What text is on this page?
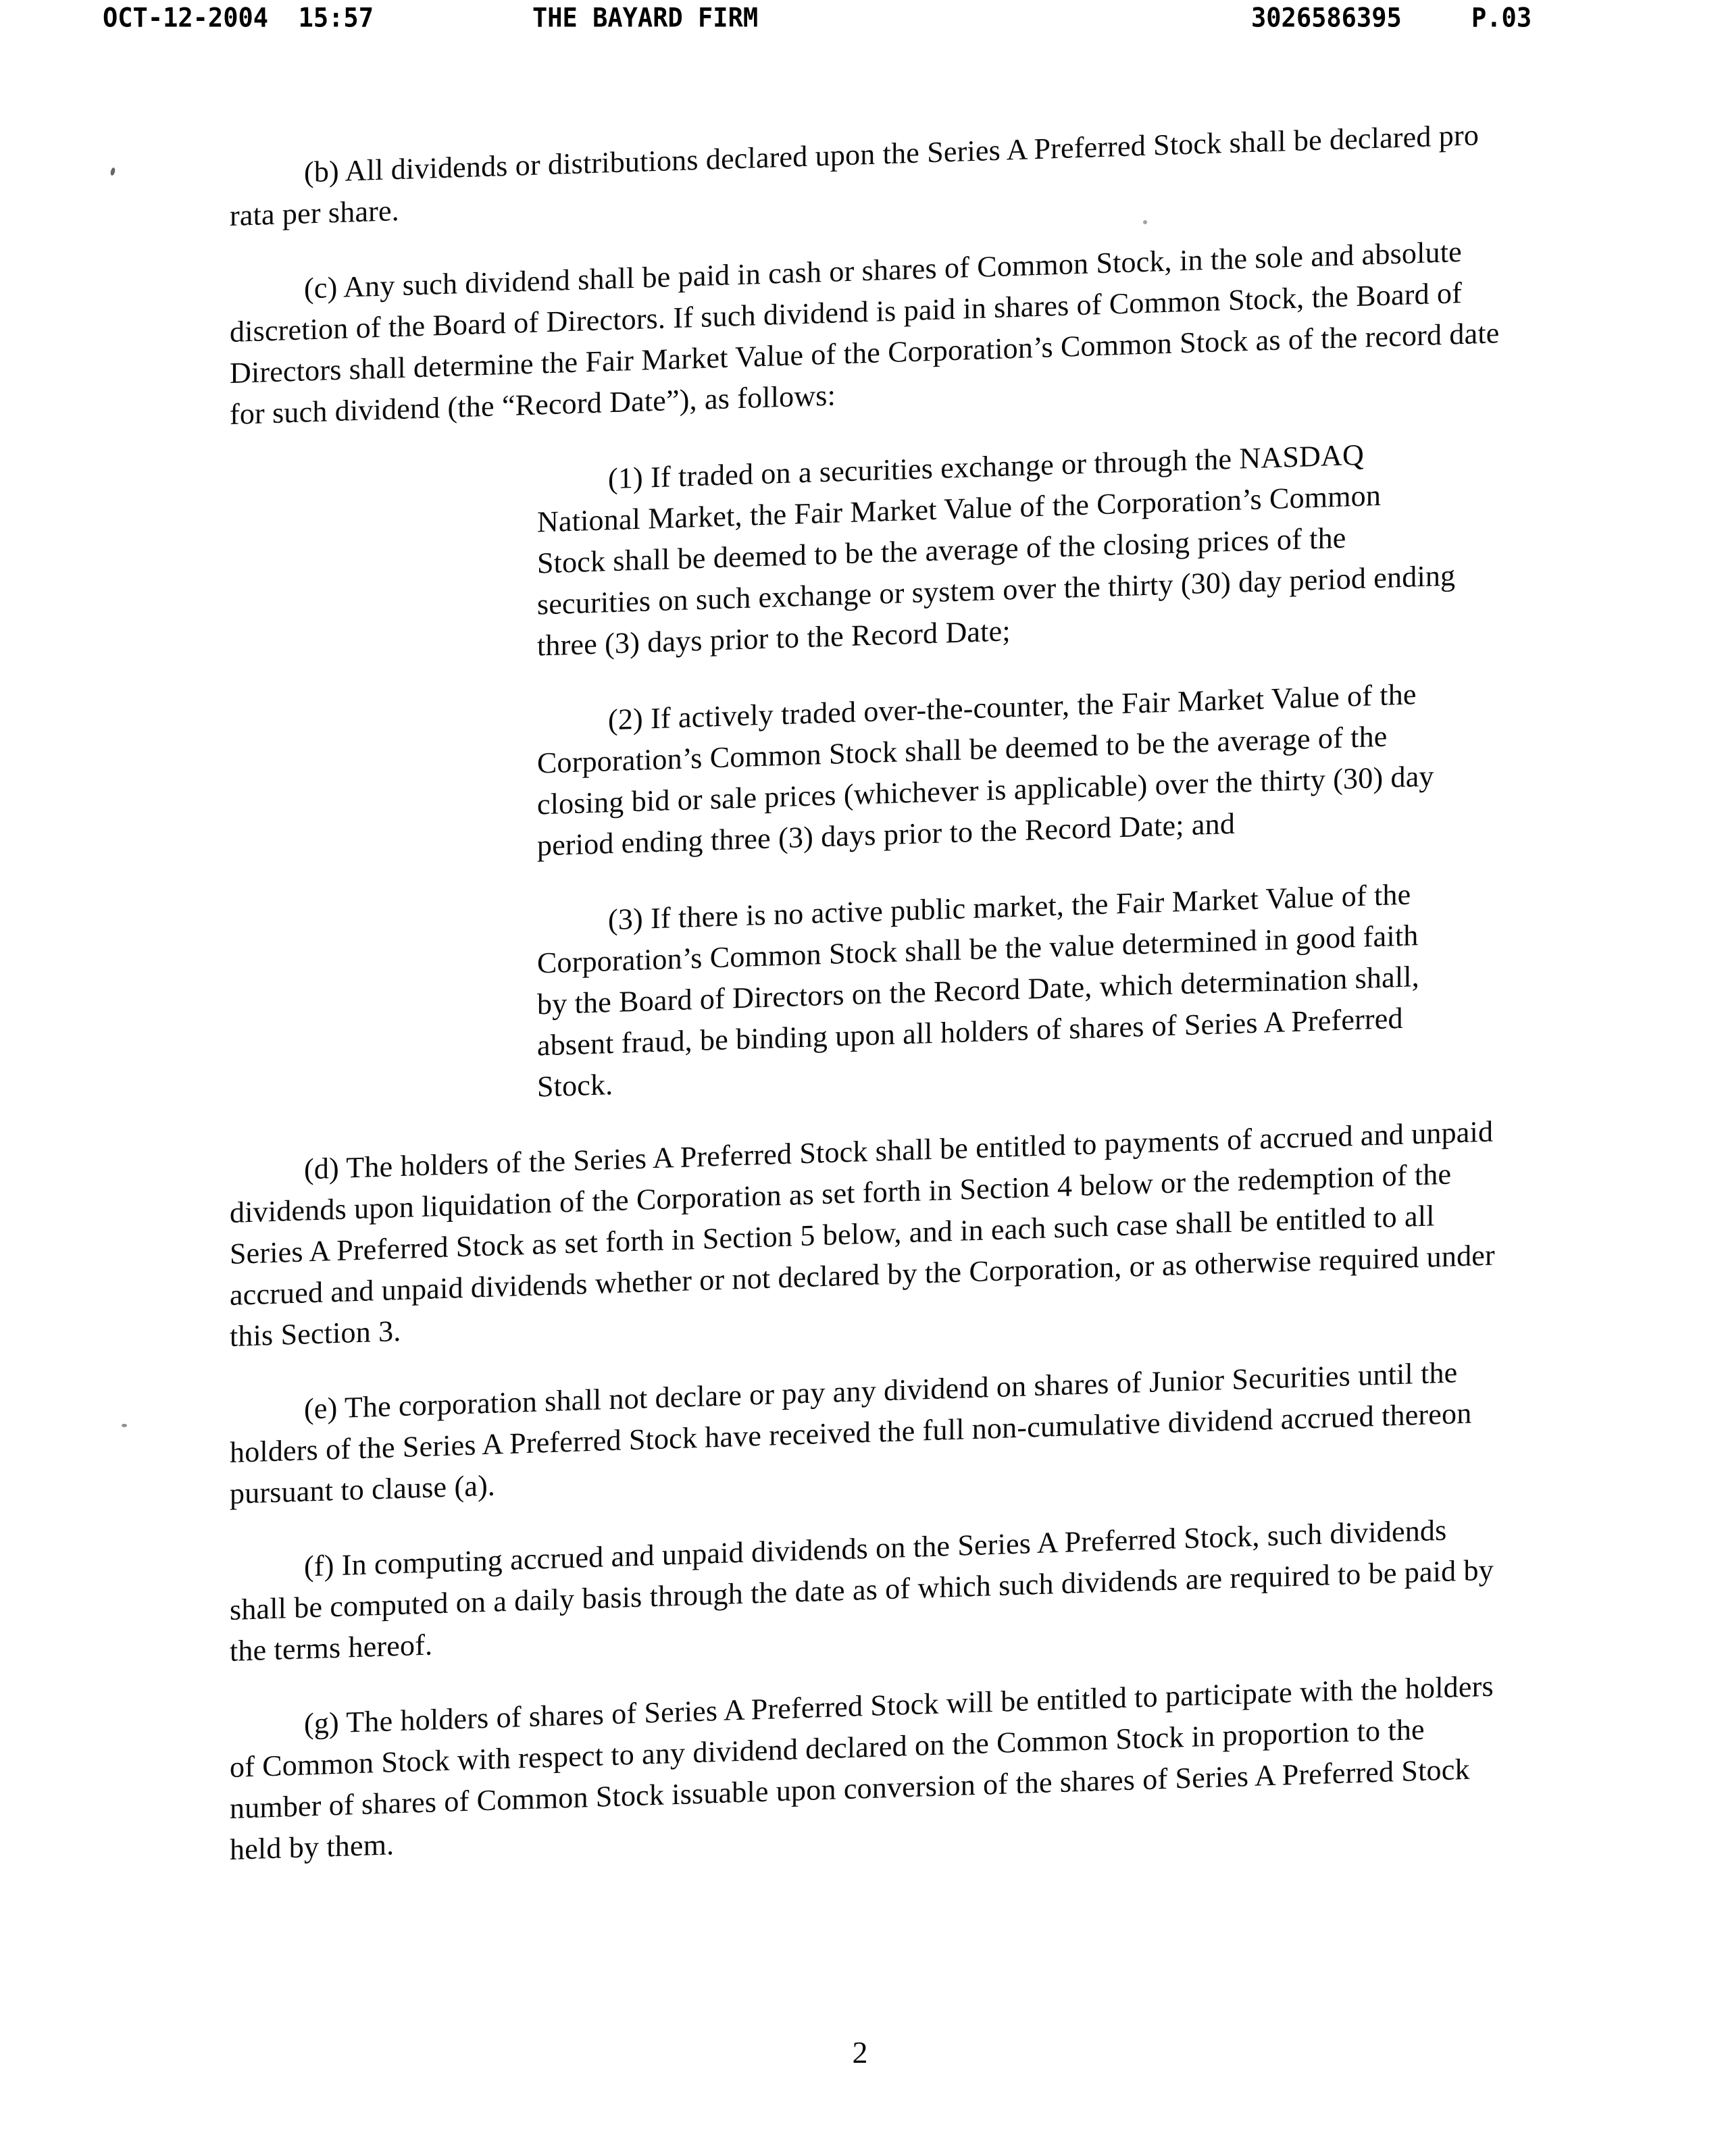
OCT-12-2004  15:57

	THE BAYARD FIRM

	3026586395

	P.03

(b) All dividends or distributions declared upon the Series A Preferred Stock shall be declared pro rata per share.

(c) Any such dividend shall be paid in cash or shares of Common Stock, in the sole and absolute discretion of the Board of Directors. If such dividend is paid in shares of Common Stock, the Board of Directors shall determine the Fair Market Value of the Corporation’s Common Stock as of the record date for such dividend (the “Record Date”), as follows:

(1) If traded on a securities exchange or through the NASDAQ National Market, the Fair Market Value of the Corporation’s Common Stock shall be deemed to be the average of the closing prices of the securities on such exchange or system over the thirty (30) day period ending three (3) days prior to the Record Date;

(2) If actively traded over-the-counter, the Fair Market Value of the Corporation’s Common Stock shall be deemed to be the average of the closing bid or sale prices (whichever is applicable) over the thirty (30) day period ending three (3) days prior to the Record Date; and

(3) If there is no active public market, the Fair Market Value of the Corporation’s Common Stock shall be the value determined in good faith by the Board of Directors on the Record Date, which determination shall, absent fraud, be binding upon all holders of shares of Series A Preferred Stock.

(d) The holders of the Series A Preferred Stock shall be entitled to payments of accrued and unpaid dividends upon liquidation of the Corporation as set forth in Section 4 below or the redemption of the Series A Preferred Stock as set forth in Section 5 below, and in each such case shall be entitled to all accrued and unpaid dividends whether or not declared by the Corporation, or as otherwise required under this Section 3.

(e) The corporation shall not declare or pay any dividend on shares of Junior Securities until the holders of the Series A Preferred Stock have received the full non-cumulative dividend accrued thereon pursuant to clause (a).

(f) In computing accrued and unpaid dividends on the Series A Preferred Stock, such dividends shall be computed on a daily basis through the date as of which such dividends are required to be paid by the terms hereof.

(g) The holders of shares of Series A Preferred Stock will be entitled to participate with the holders of Common Stock with respect to any dividend declared on the Common Stock in proportion to the number of shares of Common Stock issuable upon conversion of the shares of Series A Preferred Stock held by them.

2
